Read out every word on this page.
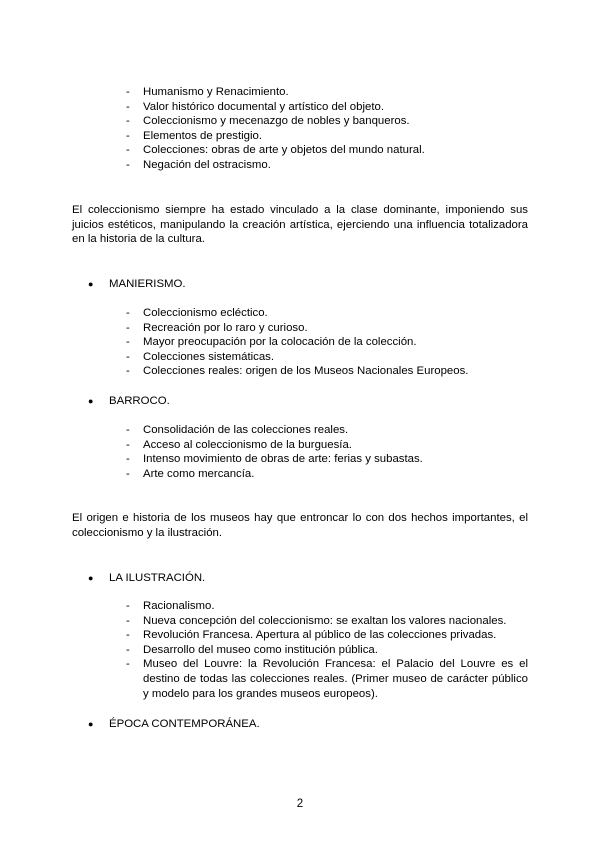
- Humanismo y Renacimiento.
- Valor histórico documental y artístico del objeto.
- Coleccionismo y mecenazgo de nobles y banqueros.
- Elementos de prestigio.
- Colecciones: obras de arte y objetos del mundo natural.
- Negación del ostracismo.

El coleccionismo siempre ha estado vinculado a la clase dominante, imponiendo sus juicios estéticos, manipulando la creación artística, ejerciendo una influencia totalizadora en la historia de la cultura.

● MANIERISMO.

- Coleccionismo ecléctico.
- Recreación por lo raro y curioso.
- Mayor preocupación por la colocación de la colección.
- Colecciones sistemáticas.
- Colecciones reales: origen de los Museos Nacionales Europeos.

● BARROCO.

- Consolidación de las colecciones reales.
- Acceso al coleccionismo de la burguesía.
- Intenso movimiento de obras de arte: ferias y subastas.
- Arte como mercancía.

El origen e historia de los museos hay que entroncar lo con dos hechos importantes, el coleccionismo y la ilustración.

● LA ILUSTRACIÓN.

- Racionalismo.
- Nueva concepción del coleccionismo: se exaltan los valores nacionales.
- Revolución Francesa. Apertura al público de las colecciones privadas.
- Desarrollo del museo como institución pública.
- Museo del Louvre: la Revolución Francesa: el Palacio del Louvre es el destino de todas las colecciones reales. (Primer museo de carácter público y modelo para los grandes museos europeos).

● ÉPOCA CONTEMPORÁNEA.

2
